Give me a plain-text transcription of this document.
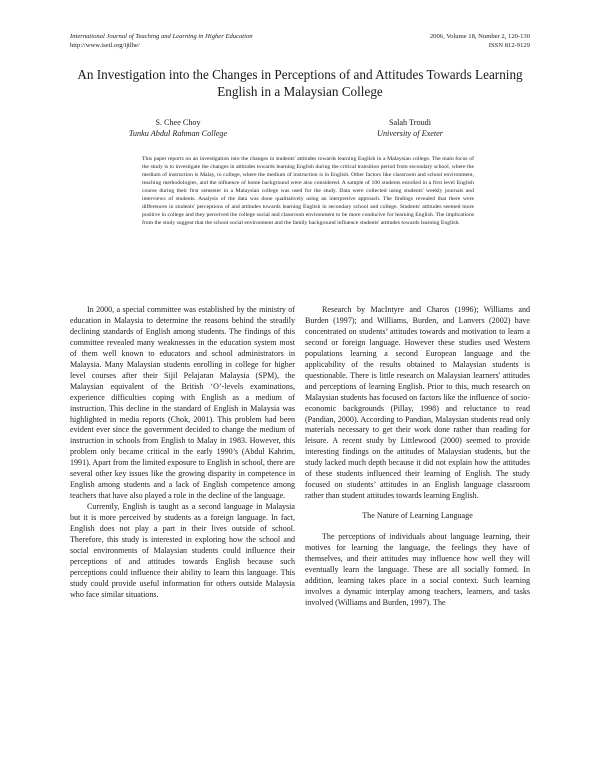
International Journal of Teaching and Learning in Higher Education
http://www.isetl.org/ijtlhe/
2006, Volume 18, Number 2, 120-130
ISSN 812-9129
An Investigation into the Changes in Perceptions of and Attitudes Towards Learning English in a Malaysian College
S. Chee Choy
Tunku Abdul Rahman College
Salah Troudi
University of Exeter
This paper reports on an investigation into the changes in students' attitudes towards learning English in a Malaysian college. The main focus of the study is to investigate the changes in attitudes towards learning English during the critical transition period from secondary school, where the medium of instruction is Malay, to college, where the medium of instruction is in English. Other factors like classroom and school environment, teaching methodologies, and the influence of home background were also considered. A sample of 100 students enrolled in a first level English course during their first semester in a Malaysian college was used for the study. Data were collected using students' weekly journals and interviews of students. Analysis of the data was done qualitatively using an interpretive approach. The findings revealed that there were differences in students' perceptions of and attitudes towards learning English in secondary school and college. Students' attitudes seemed more positive in college and they perceived the college social and classroom environment to be more conducive for learning English. The implications from the study suggest that the school social environment and the family background influence students' attitudes towards learning English.

In 2000, a special committee was established by the ministry of education in Malaysia to determine the reasons behind the steadily declining standards of English among students. The findings of this committee revealed many weaknesses in the education system most of them well known to educators and school administrators in Malaysia. Many Malaysian students enrolling in college for higher level courses after their Sijil Pelajaran Malaysia (SPM), the Malaysian equivalent of the British ‘O’-levels examinations, experience difficulties coping with English as a medium of instruction. This decline in the standard of English in Malaysia was highlighted in media reports (Chok, 2001). This problem had been evident ever since the government decided to change the medium of instruction in schools from English to Malay in 1983. However, this problem only became critical in the early 1990’s (Abdul Kahrim, 1991). Apart from the limited exposure to English in school, there are several other key issues like the growing disparity in competence in English among students and a lack of English competence among teachers that have also played a role in the decline of the language.

Currently, English is taught as a second language in Malaysia but it is more perceived by students as a foreign language. In fact, English does not play a part in their lives outside of school. Therefore, this study is interested in exploring how the school and social environments of Malaysian students could influence their perceptions of and attitudes towards English because such perceptions could influence their ability to learn this language. This study could provide useful information for others outside Malaysia who face similar situations.

Research by MacIntyre and Charos (1996); Williams and Burden (1997); and Williams, Burden, and Lanvers (2002) have concentrated on students’ attitudes towards and motivation to learn a second or foreign language. However these studies used Western populations learning a second European language and the applicability of the results obtained to Malaysian students is questionable. There is little research on Malaysian learners' attitudes and perceptions of learning English. Prior to this, much research on Malaysian students has focused on factors like the influence of socio-economic backgrounds (Pillay, 1998) and reluctance to read (Pandian, 2000). According to Pandian, Malaysian students read only materials necessary to get their work done rather than reading for leisure. A recent study by Littlewood (2000) seemed to provide interesting findings on the attitudes of Malaysian students, but the study lacked much depth because it did not explain how the attitudes of these students influenced their learning of English. The study focused on students’ attitudes in an English language classroom rather than student attitudes towards learning English.

The Nature of Learning Language

The perceptions of individuals about language learning, their motives for learning the language, the feelings they have of themselves, and their attitudes may influence how well they will eventually learn the language. These are all socially formed. In addition, learning takes place in a social context. Such learning involves a dynamic interplay among teachers, learners, and tasks involved (Williams and Burden, 1997). The
